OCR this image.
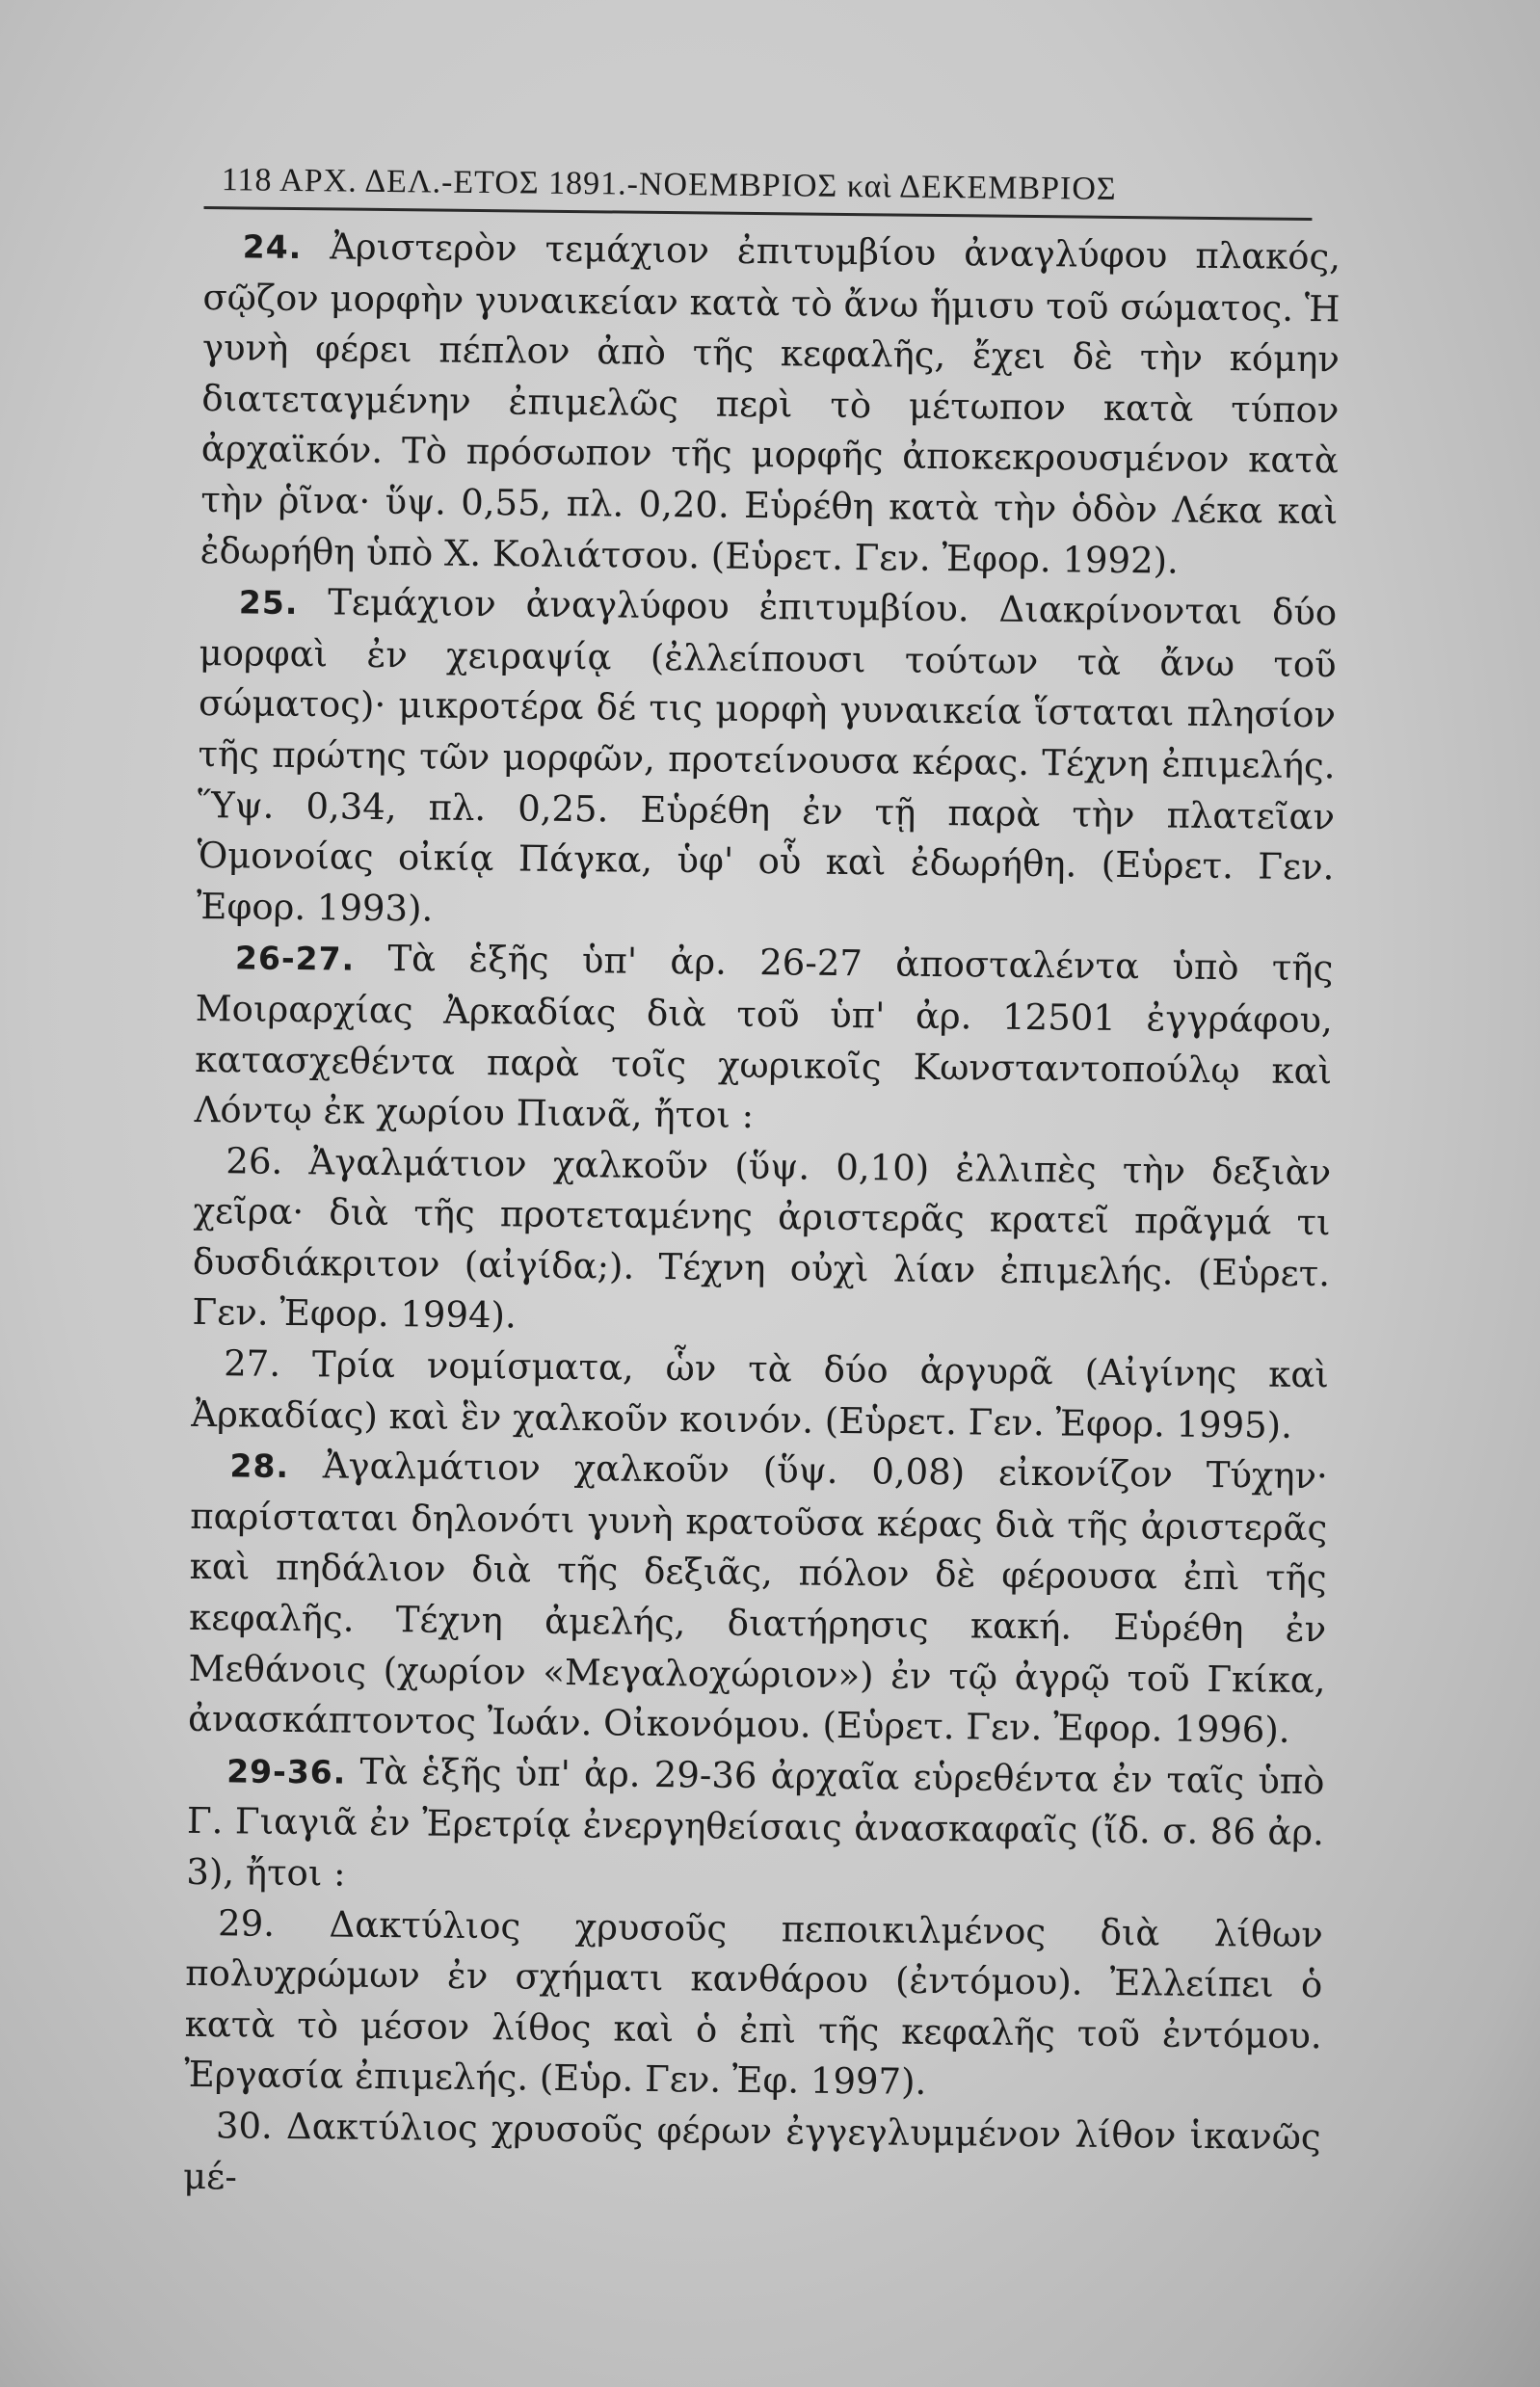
118 ΑΡΧ. ΔΕΛ.-ΕΤΟΣ 1891.-ΝΟΕΜΒΡΙΟΣ καὶ ΔΕΚΕΜΒΡΙΟΣ

24. Ἀριστερὸν τεμάχιον ἐπιτυμβίου ἀναγλύφου πλακός, σῷζον μορφὴν γυναικείαν κατὰ τὸ ἄνω ἥμισυ τοῦ σώματος. Ἡ γυνὴ φέρει πέπλον ἀπὸ τῆς κεφαλῆς, ἔχει δὲ τὴν κόμην διατεταγμένην ἐπιμελῶς περὶ τὸ μέτωπον κατὰ τύπον ἀρχαϊκόν. Τὸ πρόσωπον τῆς μορφῆς ἀποκεκρουσμένον κατὰ τὴν ῥῖνα· ὕψ. 0,55, πλ. 0,20. Εὑρέθη κατὰ τὴν ὁδὸν Λέκα καὶ ἐδωρήθη ὑπὸ Χ. Κολιάτσου. (Εὑρετ. Γεν. Ἐφορ. 1992).

25. Τεμάχιον ἀναγλύφου ἐπιτυμβίου. Διακρίνονται δύο μορφαὶ ἐν χειραψίᾳ (ἐλλείπουσι τούτων τὰ ἄνω τοῦ σώματος)· μικροτέρα δέ τις μορφὴ γυναικεία ἵσταται πλησίον τῆς πρώτης τῶν μορφῶν, προτείνουσα κέρας. Τέχνη ἐπιμελής. Ὕψ. 0,34, πλ. 0,25. Εὑρέθη ἐν τῇ παρὰ τὴν πλατεῖαν Ὁμονοίας οἰκίᾳ Πάγκα, ὑφ' οὗ καὶ ἐδωρήθη. (Εὑρετ. Γεν. Ἐφορ. 1993).

26-27. Τὰ ἑξῆς ὑπ' ἀρ. 26-27 ἀποσταλέντα ὑπὸ τῆς Μοιραρχίας Ἀρκαδίας διὰ τοῦ ὑπ' ἀρ. 12501 ἐγγράφου, κατασχεθέντα παρὰ τοῖς χωρικοῖς Κωνσταντοπούλῳ καὶ Λόντῳ ἐκ χωρίου Πιανᾶ, ἤτοι :

26. Ἀγαλμάτιον χαλκοῦν (ὕψ. 0,10) ἐλλιπὲς τὴν δεξιὰν χεῖρα· διὰ τῆς προτεταμένης ἀριστερᾶς κρατεῖ πρᾶγμά τι δυσδιάκριτον (αἰγίδα;). Τέχνη οὐχὶ λίαν ἐπιμελής. (Εὑρετ. Γεν. Ἐφορ. 1994).

27. Τρία νομίσματα, ὧν τὰ δύο ἀργυρᾶ (Αἰγίνης καὶ Ἀρκαδίας) καὶ ἓν χαλκοῦν κοινόν. (Εὑρετ. Γεν. Ἐφορ. 1995).

28. Ἀγαλμάτιον χαλκοῦν (ὕψ. 0,08) εἰκονίζον Τύχην· παρίσταται δηλονότι γυνὴ κρατοῦσα κέρας διὰ τῆς ἀριστερᾶς καὶ πηδάλιον διὰ τῆς δεξιᾶς, πόλον δὲ φέρουσα ἐπὶ τῆς κεφαλῆς. Τέχνη ἀμελής, διατήρησις κακή. Εὑρέθη ἐν Μεθάνοις (χωρίον «Μεγαλοχώριον») ἐν τῷ ἀγρῷ τοῦ Γκίκα, ἀνασκάπτοντος Ἰωάν. Οἰκονόμου. (Εὑρετ. Γεν. Ἐφορ. 1996).

29-36. Τὰ ἑξῆς ὑπ' ἀρ. 29-36 ἀρχαῖα εὑρεθέντα ἐν ταῖς ὑπὸ Γ. Γιαγιᾶ ἐν Ἐρετρίᾳ ἐνεργηθείσαις ἀνασκαφαῖς (ἴδ. σ. 86 ἀρ. 3), ἤτοι :

29. Δακτύλιος χρυσοῦς πεποικιλμένος διὰ λίθων πολυχρώμων ἐν σχήματι κανθάρου (ἐντόμου). Ἐλλείπει ὁ κατὰ τὸ μέσον λίθος καὶ ὁ ἐπὶ τῆς κεφαλῆς τοῦ ἐντόμου. Ἐργασία ἐπιμελής. (Εὑρ. Γεν. Ἐφ. 1997).

30. Δακτύλιος χρυσοῦς φέρων ἐγγεγλυμμένον λίθον ἱκανῶς μέ-
